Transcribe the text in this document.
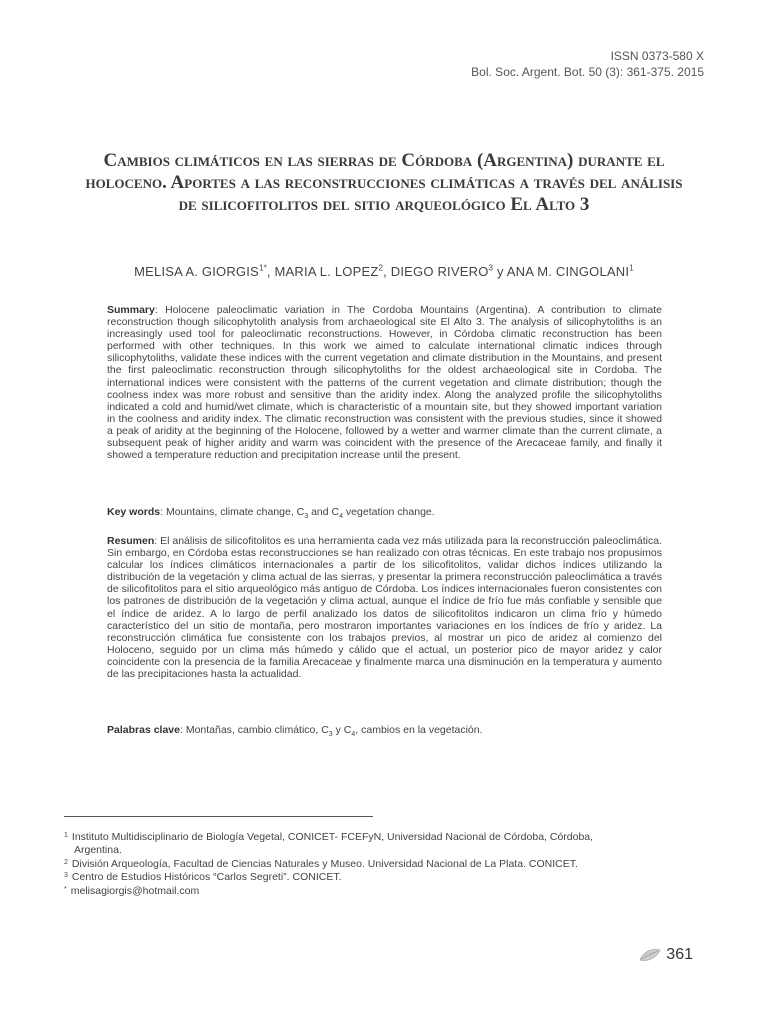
ISSN 0373-580 X
Bol. Soc. Argent. Bot. 50 (3): 361-375. 2015
Cambios climáticos en las sierras de Córdoba (Argentina) durante el holoceno. Aportes a las reconstrucciones climáticas a través del análisis de silicofitolitos del sitio arqueológico El Alto 3
MELISA A. $GIORGIS^{1*}$, MARIA L. LOPEZ$^2$, DIEGO RIVERO$^3$ y ANA M. CINGOLANI$^1$

Summary: Holocene paleoclimatic variation in The Cordoba Mountains (Argentina). A contribution to climate reconstruction though silicophytolith analysis from archaeological site El Alto 3. The analysis of silicophytoliths is an increasingly used tool for paleoclimatic reconstructions. However, in Córdoba climatic reconstruction has been performed with other techniques. In this work we aimed to calculate international climatic indices through silicophytoliths, validate these indices with the current vegetation and climate distribution in the Mountains, and present the first paleoclimatic reconstruction through silicophytoliths for the oldest archaeological site in Cordoba. The international indices were consistent with the patterns of the current vegetation and climate distribution; though the coolness index was more robust and sensitive than the aridity index. Along the analyzed profile the silicophytoliths indicated a cold and humid/wet climate, which is characteristic of a mountain site, but they showed important variation in the coolness and aridity index. The climatic reconstruction was consistent with the previous studies, since it showed a peak of aridity at the beginning of the Holocene, followed by a wetter and warmer climate than the current climate, a subsequent peak of higher aridity and warm was coincident with the presence of the Arecaceae family, and finally it showed a temperature reduction and precipitation increase until the present.

Key words: Mountains, climate change, $C_3$ and $C_4$ vegetation change.

Resumen: El análisis de silicofitolitos es una herramienta cada vez más utilizada para la reconstrucción paleoclimática. Sin embargo, en Córdoba estas reconstrucciones se han realizado con otras técnicas. En este trabajo nos propusimos calcular los índices climáticos internacionales a partir de los silicofitolitos, validar dichos índices utilizando la distribución de la vegetación y clima actual de las sierras, y presentar la primera reconstrucción paleoclimática a través de silicofitolitos para el sitio arqueológico más antiguo de Córdoba. Los índices internacionales fueron consistentes con los patrones de distribución de la vegetación y clima actual, aunque el índice de frío fue más confiable y sensible que el índice de aridez. A lo largo de perfil analizado los datos de silicofitolitos indicaron un clima frío y húmedo característico del un sitio de montaña, pero mostraron importantes variaciones en los índices de frío y aridez. La reconstrucción climática fue consistente con los trabajos previos, al mostrar un pico de aridez al comienzo del Holoceno, seguido por un clima más húmedo y cálido que el actual, un posterior pico de mayor aridez y calor coincidente con la presencia de la familia Arecaceae y finalmente marca una disminución en la temperatura y aumento de las precipitaciones hasta la actualidad.

Palabras clave: Montañas, cambio climático, $C_3$ y $C_4$, cambios en la vegetación.

$^1$ Instituto Multidisciplinario de Biología Vegetal, CONICET- FCEFyN, Universidad Nacional de Córdoba, Córdoba,
Argentina.

$^2$ División Arqueología, Facultad de Ciencias Naturales y Museo. Universidad Nacional de La Plata. CONICET.

$^3$ Centro de Estudios Históricos “Carlos Segreti”. CONICET.

* melisagiorgis@hotmail.com

361
